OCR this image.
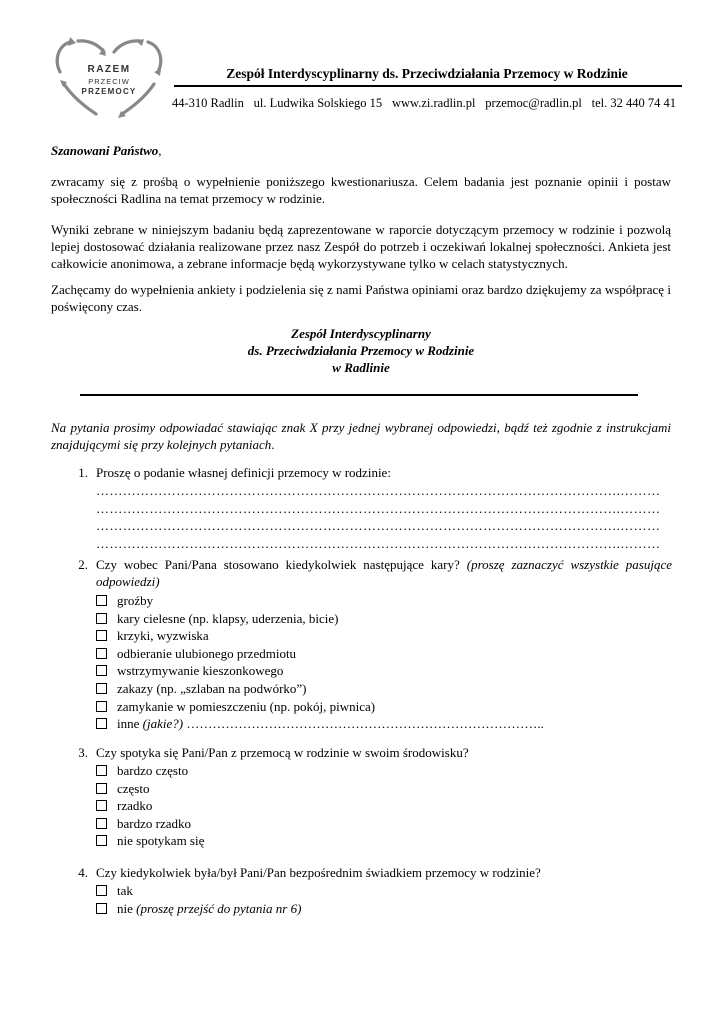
RAZEM
PRZECIW
PRZEMOCY
Zespół Interdyscyplinarny ds. Przeciwdziałania Przemocy w Rodzinie
44-310 Radlin ul. Ludwika Solskiego 15 www.zi.radlin.pl przemoc@radlin.pl tel. 32 440 74 41
Szanowani Państwo,
zwracamy się z prośbą o wypełnienie poniższego kwestionariusza. Celem badania jest poznanie opinii i postaw społeczności Radlina na temat przemocy w rodzinie.
Wyniki zebrane w niniejszym badaniu będą zaprezentowane w raporcie dotyczącym przemocy w rodzinie i pozwolą lepiej dostosować działania realizowane przez nasz Zespół do potrzeb i oczekiwań lokalnej społeczności. Ankieta jest całkowicie anonimowa, a zebrane informacje będą wykorzystywane tylko w celach statystycznych.
Zachęcamy do wypełnienia ankiety i podzielenia się z nami Państwa opiniami oraz bardzo dziękujemy za współpracę i poświęcony czas.
Zespół Interdyscyplinarny
ds. Przeciwdziałania Przemocy w Rodzinie
w Radlinie
Na pytania prosimy odpowiadać stawiając znak X przy jednej wybranej odpowiedzi, bądź też zgodnie z instrukcjami znajdującymi się przy kolejnych pytaniach.
1. Proszę o podanie własnej definicji przemocy w rodzinie:
……………………………………………………………………………………………………….………
……………………………………………………………………………………………………….………
……………………………………………………………………………………………………….………
……………………………………………………………………………………………………….………
2. Czy wobec Pani/Pana stosowano kiedykolwiek następujące kary? (proszę zaznaczyć wszystkie pasujące odpowiedzi)
groźby
kary cielesne (np. klapsy, uderzenia, bicie)
krzyki, wyzwiska
odbieranie ulubionego przedmiotu
wstrzymywanie kieszonkowego
zakazy (np. „szlaban na podwórko”)
zamykanie w pomieszczeniu (np. pokój, piwnica)
inne (jakie?) ………………………………………………………………………..
3. Czy spotyka się Pani/Pan z przemocą w rodzinie w swoim środowisku?
bardzo często
często
rzadko
bardzo rzadko
nie spotykam się
4. Czy kiedykolwiek była/był Pani/Pan bezpośrednim świadkiem przemocy w rodzinie?
tak
nie (proszę przejść do pytania nr 6)
